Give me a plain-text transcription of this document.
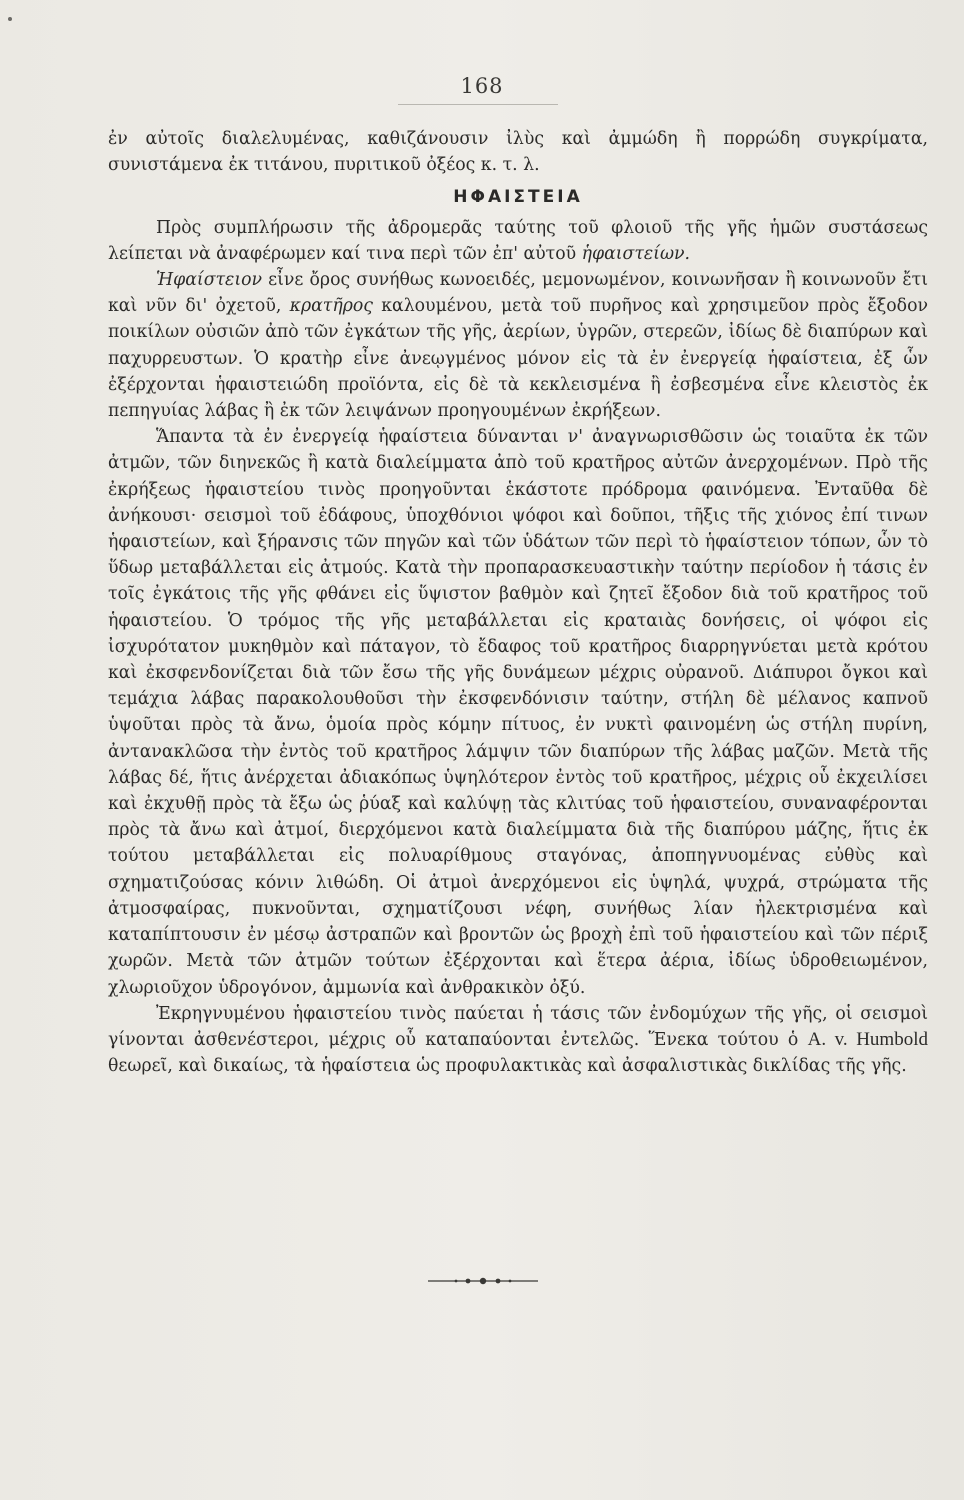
168

ἐν αὐτοῖς διαλελυμένας, καθιζάνουσιν ἰλὺς καὶ ἀμμώδη ἢ πορρώδη συγκρίματα, συνιστάμενα ἐκ τιτάνου, πυριτικοῦ ὀξέος κ. τ. λ.

ΗΦΑΙΣΤΕΙΑ

Πρὸς συμπλήρωσιν τῆς ἀδρομερᾶς ταύτης τοῦ φλοιοῦ τῆς γῆς ἡμῶν συστάσεως λείπεται νὰ ἀναφέρωμεν καί τινα περὶ τῶν ἐπ' αὐτοῦ ἡφαιστείων.

Ἡφαίστειον εἶνε ὄρος συνήθως κωνοειδές, μεμονωμένον, κοινωνῆσαν ἢ κοινωνοῦν ἔτι καὶ νῦν δι' ὀχετοῦ, κρατῆρος καλουμένου, μετὰ τοῦ πυρῆνος καὶ χρησιμεῦον πρὸς ἔξοδον ποικίλων οὐσιῶν ἀπὸ τῶν ἐγκάτων τῆς γῆς, ἀερίων, ὑγρῶν, στερεῶν, ἰδίως δὲ διαπύρων καὶ παχυρρευστων. Ὁ κρατὴρ εἶνε ἀνεῳγμένος μόνον εἰς τὰ ἐν ἐνεργείᾳ ἡφαίστεια, ἐξ ὧν ἐξέρχονται ἡφαιστειώδη προϊόντα, εἰς δὲ τὰ κεκλεισμένα ἢ ἐσβεσμένα εἶνε κλειστὸς ἐκ πεπηγυίας λάβας ἢ ἐκ τῶν λειψάνων προηγουμένων ἐκρήξεων.

Ἅπαντα τὰ ἐν ἐνεργείᾳ ἡφαίστεια δύνανται ν' ἀναγνωρισθῶσιν ὡς τοιαῦτα ἐκ τῶν ἀτμῶν, τῶν διηνεκῶς ἢ κατὰ διαλείμματα ἀπὸ τοῦ κρατῆρος αὐτῶν ἀνερχομένων. Πρὸ τῆς ἐκρήξεως ἡφαιστείου τινὸς προηγοῦνται ἑκάστοτε πρόδρομα φαινόμενα. Ἐνταῦθα δὲ ἀνήκουσι· σεισμοὶ τοῦ ἐδάφους, ὑποχθόνιοι ψόφοι καὶ δοῦποι, τῆξις τῆς χιόνος ἐπί τινων ἡφαιστείων, καὶ ξήρανσις τῶν πηγῶν καὶ τῶν ὑδάτων τῶν περὶ τὸ ἡφαίστειον τόπων, ὧν τὸ ὕδωρ μεταβάλλεται εἰς ἀτμούς. Κατὰ τὴν προπαρασκευαστικὴν ταύτην περίοδον ἡ τάσις ἐν τοῖς ἐγκάτοις τῆς γῆς φθάνει εἰς ὕψιστον βαθμὸν καὶ ζητεῖ ἔξοδον διὰ τοῦ κρατῆρος τοῦ ἡφαιστείου. Ὁ τρόμος τῆς γῆς μεταβάλλεται εἰς κραταιὰς δονήσεις, οἱ ψόφοι εἰς ἰσχυρότατον μυκηθμὸν καὶ πάταγον, τὸ ἔδαφος τοῦ κρατῆρος διαρρηγνύεται μετὰ κρότου καὶ ἐκσφενδονίζεται διὰ τῶν ἔσω τῆς γῆς δυνάμεων μέχρις οὐρανοῦ. Διάπυροι ὄγκοι καὶ τεμάχια λάβας παρακολουθοῦσι τὴν ἐκσφενδόνισιν ταύτην, στήλη δὲ μέλανος καπνοῦ ὑψοῦται πρὸς τὰ ἄνω, ὁμοία πρὸς κόμην πίτυος, ἐν νυκτὶ φαινομένη ὡς στήλη πυρίνη, ἀντανακλῶσα τὴν ἐντὸς τοῦ κρατῆρος λάμψιν τῶν διαπύρων τῆς λάβας μαζῶν. Μετὰ τῆς λάβας δέ, ἥτις ἀνέρχεται ἀδιακόπως ὑψηλότερον ἐντὸς τοῦ κρατῆρος, μέχρις οὗ ἐκχειλίσει καὶ ἐκχυθῇ πρὸς τὰ ἔξω ὡς ῥύαξ καὶ καλύψῃ τὰς κλιτύας τοῦ ἡφαιστείου, συναναφέρονται πρὸς τὰ ἄνω καὶ ἀτμοί, διερχόμενοι κατὰ διαλείμματα διὰ τῆς διαπύρου μάζης, ἥτις ἐκ τούτου μεταβάλλεται εἰς πολυαρίθμους σταγόνας, ἀποπηγνυομένας εὐθὺς καὶ σχηματιζούσας κόνιν λιθώδη. Οἱ ἀτμοὶ ἀνερχόμενοι εἰς ὑψηλά, ψυχρά, στρώματα τῆς ἀτμοσφαίρας, πυκνοῦνται, σχηματίζουσι νέφη, συνήθως λίαν ἠλεκτρισμένα καὶ καταπίπτουσιν ἐν μέσῳ ἀστραπῶν καὶ βροντῶν ὡς βροχὴ ἐπὶ τοῦ ἡφαιστείου καὶ τῶν πέριξ χωρῶν. Μετὰ τῶν ἀτμῶν τούτων ἐξέρχονται καὶ ἕτερα ἀέρια, ἰδίως ὑδροθειωμένον, χλωριοῦχον ὑδρογόνον, ἀμμωνία καὶ ἀνθρακικὸν ὀξύ.

Ἐκρηγνυμένου ἡφαιστείου τινὸς παύεται ἡ τάσις τῶν ἐνδομύχων τῆς γῆς, οἱ σεισμοὶ γίνονται ἀσθενέστεροι, μέχρις οὗ καταπαύονται ἐντελῶς. Ἕνεκα τούτου ὁ A. v. Humbold θεωρεῖ, καὶ δικαίως, τὰ ἡφαίστεια ὡς προφυλακτικὰς καὶ ἀσφαλιστικὰς δικλίδας τῆς γῆς.
